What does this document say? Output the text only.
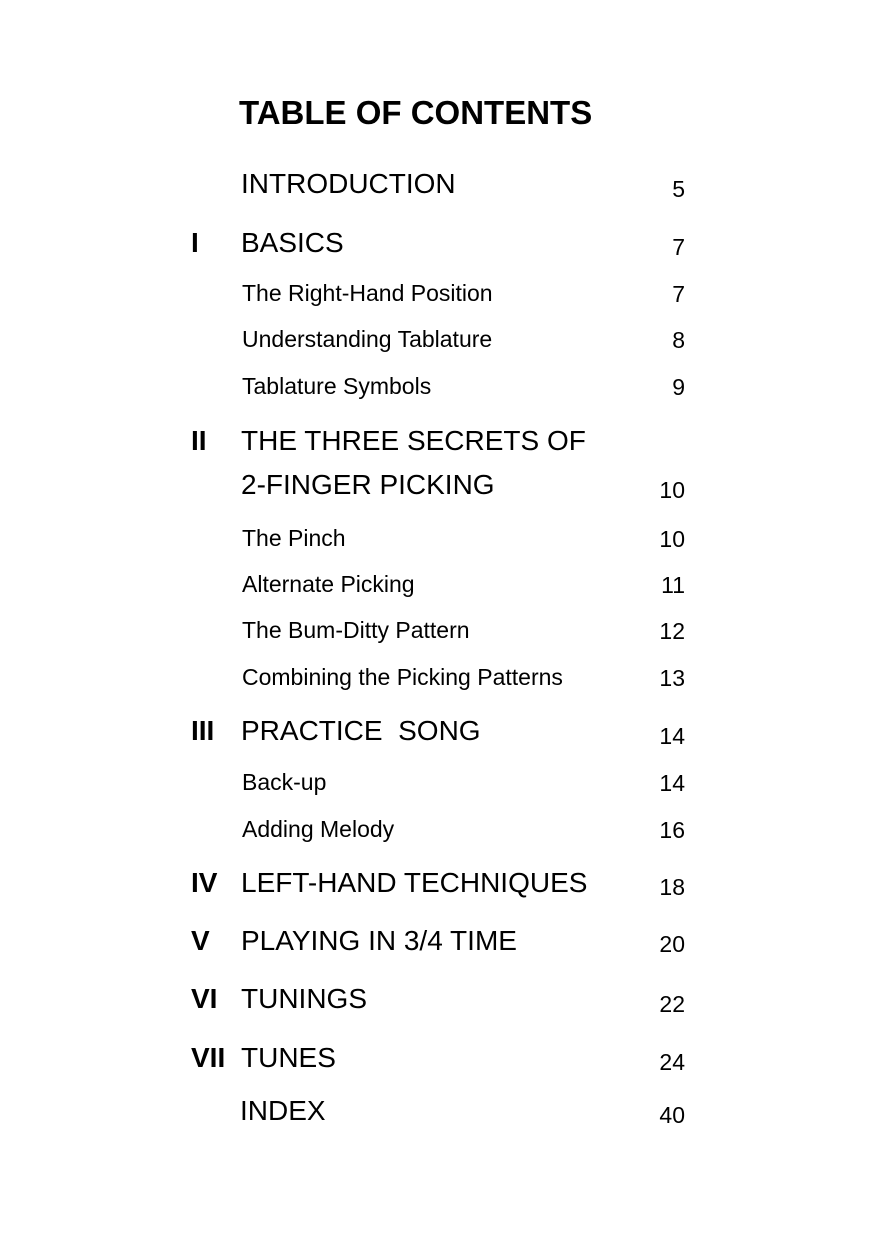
TABLE OF CONTENTS
INTRODUCTION	5
I BASICS	7
The Right-Hand Position	7
Understanding Tablature	8
Tablature Symbols	9
II THE THREE SECRETS OF
2-FINGER PICKING	10
The Pinch	10
Alternate Picking	11
The Bum-Ditty Pattern	12
Combining the Picking Patterns	13
III PRACTICE  SONG	14
Back-up	14
Adding Melody	16
IV LEFT-HAND TECHNIQUES	18
V PLAYING IN 3/4 TIME	20
VI TUNINGS	22
VII TUNES	24
INDEX	40
